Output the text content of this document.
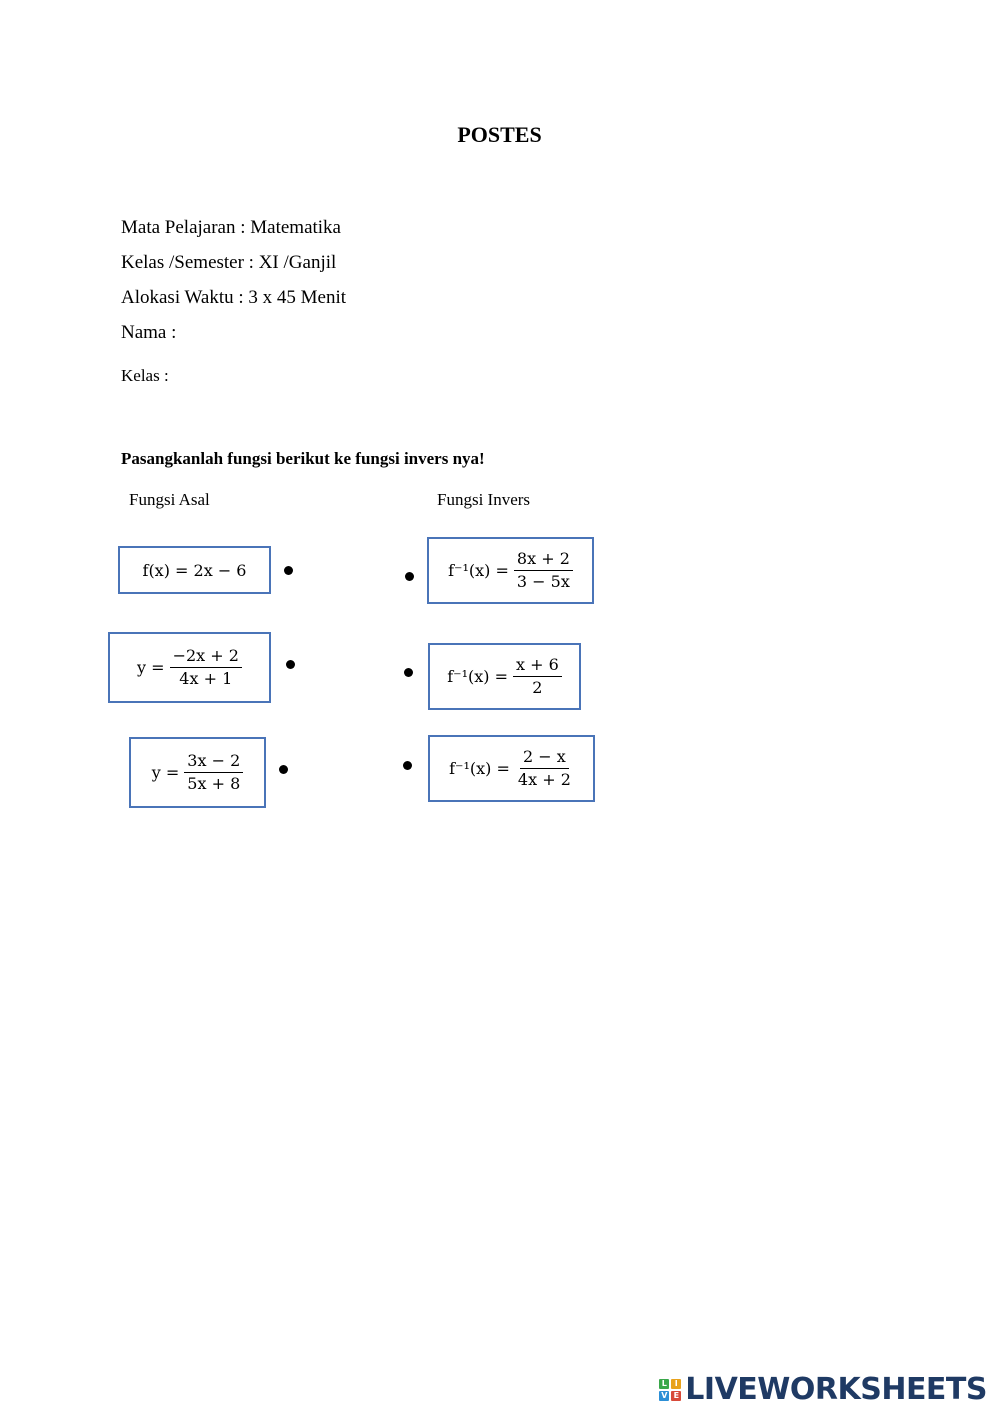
POSTES
Mata Pelajaran : Matematika
Kelas /Semester : XI /Ganjil
Alokasi Waktu : 3 x 45 Menit
Nama :
Kelas :
Pasangkanlah fungsi berikut ke fungsi invers nya!
Fungsi Asal	Fungsi Invers
f(x) = 2x − 6
$y = \frac{-2x + 2}{4x + 1}$
$y = \frac{3x - 2}{5x + 8}$
$f^{-1}(x) = \frac{8x + 2}{3 - 5x}$
$f^{-1}(x) = \frac{x + 6}{2}$
$f^{-1}(x) = \frac{2 - x}{4x + 2}$
L I
V E LIVEWORKSHEETS
